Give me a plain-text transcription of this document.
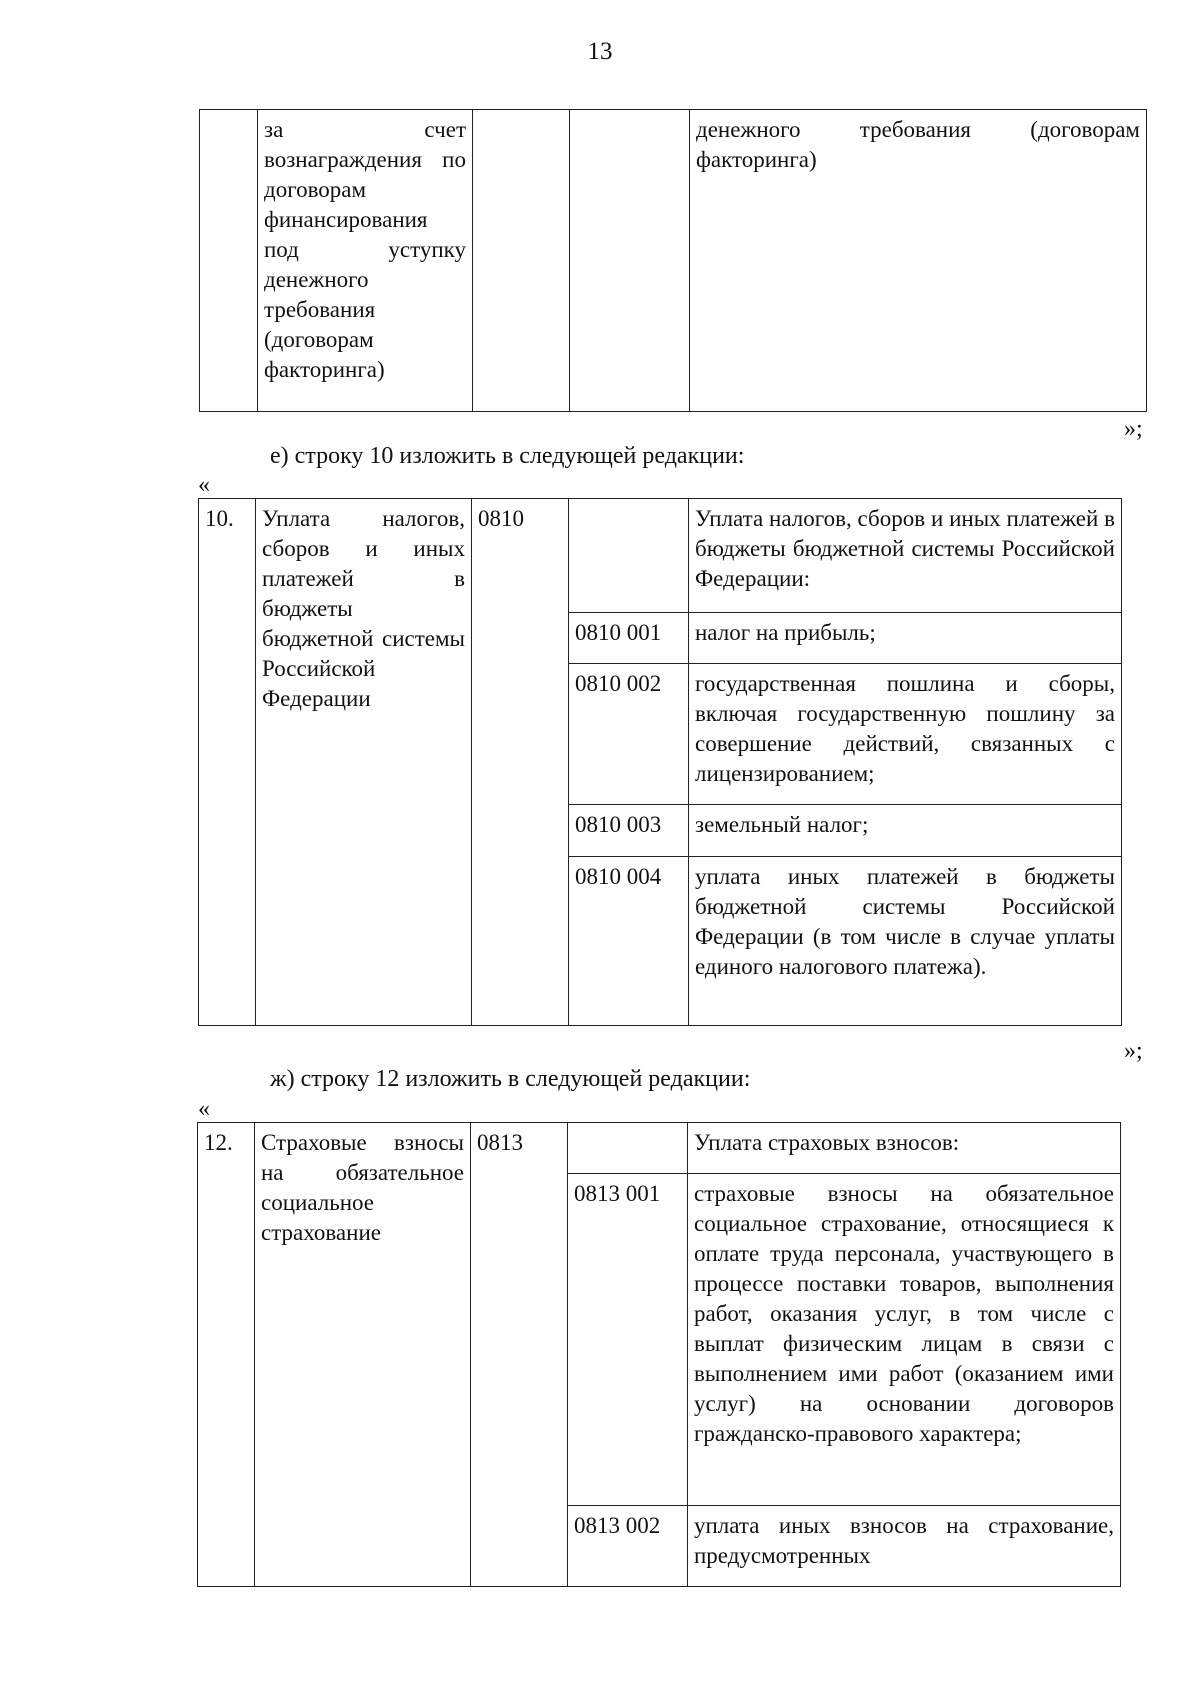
13
	за счет вознаграждения по договорам финансирования под уступку денежного требования (договорам факторинга)			денежного требования (договорам факторинга)
»;
е) строку 10 изложить в следующей редакции:
«
10.	Уплата налогов, сборов и иных платежей в бюджеты бюджетной системы Российской Федерации	0810		Уплата налогов, сборов и иных платежей в бюджеты бюджетной системы Российской Федерации:
			0810 001	налог на прибыль;
			0810 002	государственная пошлина и сборы, включая государственную пошлину за совершение действий, связанных с лицензированием;
			0810 003	земельный налог;
			0810 004	уплата иных платежей в бюджеты бюджетной системы Российской Федерации (в том числе в случае уплаты единого налогового платежа).
»;
ж) строку 12 изложить в следующей редакции:
«
12.	Страховые взносы на обязательное социальное страхование	0813		Уплата страховых взносов:
			0813 001	страховые взносы на обязательное социальное страхование, относящиеся к оплате труда персонала, участвующего в процессе поставки товаров, выполнения работ, оказания услуг, в том числе с выплат физическим лицам в связи с выполнением ими работ (оказанием ими услуг) на основании договоров гражданско-правового характера;
			0813 002	уплата иных взносов на страхование, предусмотренных
